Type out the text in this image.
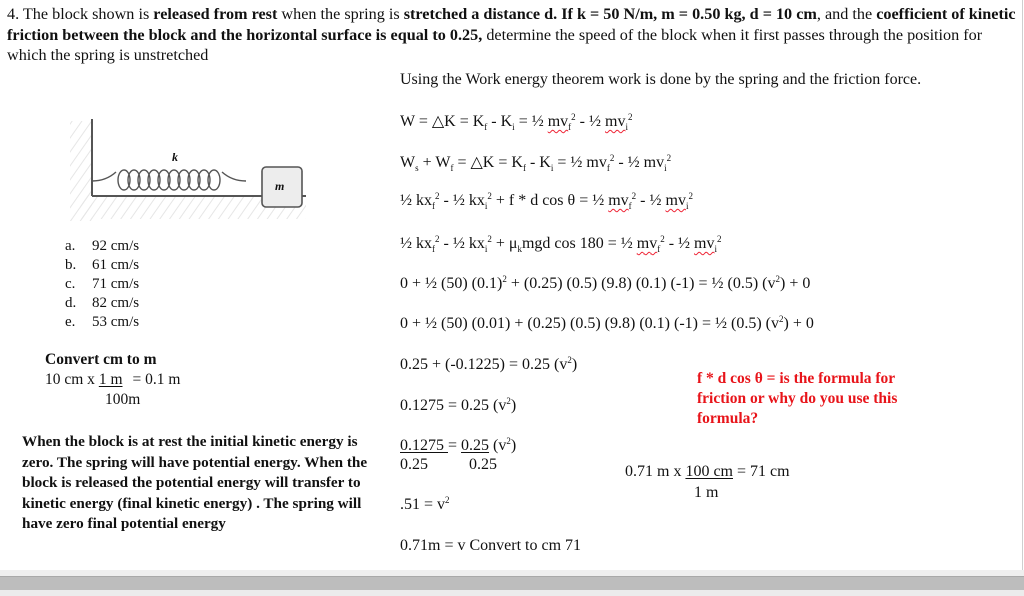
4. The block shown is released from rest when the spring is stretched a distance d. If k = 50 N/m, m = 0.50 kg, d = 10 cm, and the coefficient of kinetic friction between the block and the horizontal surface is equal to 0.25, determine the speed of the block when it first passes through the position for which the spring is unstretched
k
m
a. 92 cm/s
b. 61 cm/s
c. 71 cm/s
d. 82 cm/s
e. 53 cm/s
Convert cm to m
10 cm x 1 m = 0.1 m
100m
When the block is at rest the initial kinetic energy is zero. The spring will have potential energy. When the block is released the potential energy will transfer to kinetic energy (final kinetic energy) . The spring will have zero final potential energy
Using the Work energy theorem work is done by the spring and the friction force.
W = △K = $K_f - K_i$ = ½ $mv_f^2$ - ½ $mv_i^2$
$W_s + W_f$ = △K = $K_f - K_i$ = ½ $mv_f^2$ - ½ $mv_i^2$
½ $kx_f^2$ - ½ $kx_i^2 + f * d$ cos θ = ½ $mv_f^2$ - ½ $mv_i^2$
½ $kx_f^2$ - ½ $kx_i^2 + \mu_kmgd$ cos 180 = ½ $mv_f^2$ - ½ $mv_i^2$
0 + ½ (50) $(0.1)^2 + (0.25)$ (0.5) (9.8) (0.1) (-1) = ½ (0.5) $(v^2) + 0$
0 + ½ (50) (0.01) + (0.25) (0.5) (9.8) (0.1) (-1) = ½ (0.5) $(v^2) + 0$
0.25 + (-0.1225) = 0.25 $(v^2)$
0.1275 = 0.25 $(v^2)$
0.1275 = 0.25 $(v^2)$
0.25	0.25
$.51 = v^2$
0.71m = v Convert to cm 71
0.71 m x 100 cm = 71 cm
1 m
f * d cos θ = is the formula for friction or why do you use this formula?
